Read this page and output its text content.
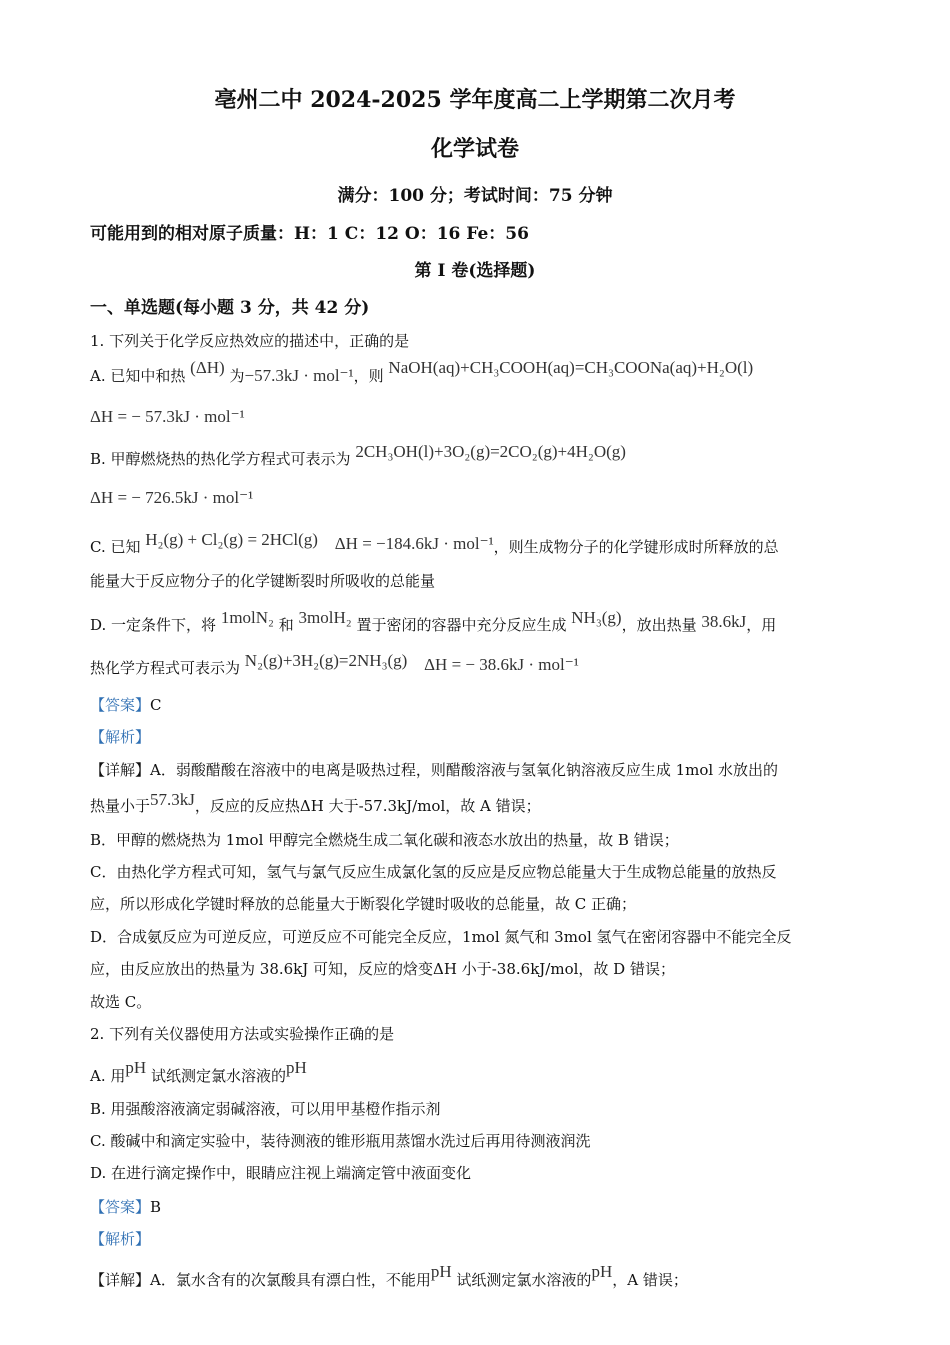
亳州二中 2024-2025 学年度高二上学期第二次月考
化学试卷
满分：100 分；考试时间：75 分钟
可能用到的相对原子质量：H：1 C：12 O：16 Fe：56
第 I 卷(选择题)
一、单选题(每小题 3 分，共 42 分)
1. 下列关于化学反应热效应的描述中，正确的是
A. 已知中和热 (ΔH) 为−57.3kJ · mol⁻¹，则 NaOH(aq)+CH₃COOH(aq)=CH₃COONa(aq)+H₂O(l)
ΔH = − 57.3kJ · mol⁻¹
B. 甲醇燃烧热的热化学方程式可表示为 2CH₃OH(l)+3O₂(g)=2CO₂(g)+4H₂O(g)
ΔH = − 726.5kJ · mol⁻¹
C. 已知 H₂(g) + Cl₂(g) = 2HCl(g) ΔH = −184.6kJ · mol⁻¹，则生成物分子的化学键形成时所释放的总
能量大于反应物分子的化学键断裂时所吸收的总能量
D. 一定条件下，将 1molN₂ 和 3molH₂ 置于密闭的容器中充分反应生成 NH₃(g)，放出热量 38.6kJ，用
热化学方程式可表示为 N₂(g)+3H₂(g)=2NH₃(g) ΔH = − 38.6kJ · mol⁻¹
【答案】C
【解析】
【详解】A．弱酸醋酸在溶液中的电离是吸热过程，则醋酸溶液与氢氧化钠溶液反应生成 1mol 水放出的
热量小于57.3kJ，反应的反应热ΔH 大于-57.3kJ/mol，故 A 错误；
B．甲醇的燃烧热为 1mol 甲醇完全燃烧生成二氧化碳和液态水放出的热量，故 B 错误；
C．由热化学方程式可知，氢气与氯气反应生成氯化氢的反应是反应物总能量大于生成物总能量的放热反
应，所以形成化学键时释放的总能量大于断裂化学键时吸收的总能量，故 C 正确；
D．合成氨反应为可逆反应，可逆反应不可能完全反应，1mol 氮气和 3mol 氢气在密闭容器中不能完全反
应，由反应放出的热量为 38.6kJ 可知，反应的焓变ΔH 小于-38.6kJ/mol，故 D 错误；
故选 C。
2. 下列有关仪器使用方法或实验操作正确的是
A. 用pH 试纸测定氯水溶液的pH
B. 用强酸溶液滴定弱碱溶液，可以用甲基橙作指示剂
C. 酸碱中和滴定实验中，装待测液的锥形瓶用蒸馏水洗过后再用待测液润洗
D. 在进行滴定操作中，眼睛应注视上端滴定管中液面变化
【答案】B
【解析】
【详解】A．氯水含有的次氯酸具有漂白性，不能用pH 试纸测定氯水溶液的pH，A 错误；
